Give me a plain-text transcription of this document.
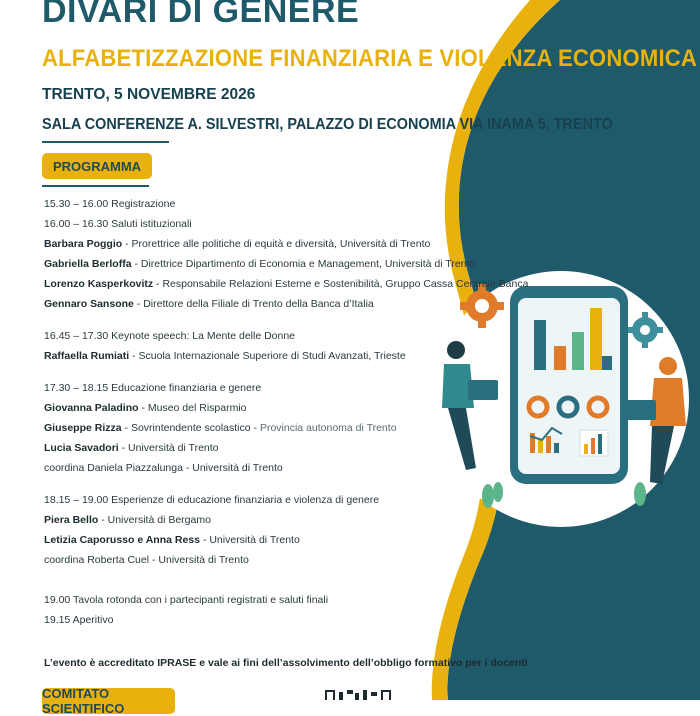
DIVARI DI GENERE
ALFABETIZZAZIONE FINANZIARIA E VIOLENZA ECONOMICA
TRENTO, 5 NOVEMBRE 2026
SALA CONFERENZE A. SILVESTRI, PALAZZO DI ECONOMIA VIA INAMA 5, TRENTO
PROGRAMMA
15.30 – 16.00 Registrazione
16.00 – 16.30 Saluti istituzionali
Barbara Poggio - Prorettrice alle politiche di equità e diversità, Università di Trento
Gabriella Berloffa - Direttrice Dipartimento di Economia e Management, Università di Trento
Lorenzo Kasperkovitz - Responsabile Relazioni Esterne e Sostenibilità, Gruppo Cassa Centrale Banca
Gennaro Sansone - Direttore della Filiale di Trento della Banca d’Italia
16.45 – 17.30 Keynote speech: La Mente delle Donne
Raffaella Rumiati - Scuola Internazionale Superiore di Studi Avanzati, Trieste
17.30 – 18.15 Educazione finanziaria e genere
Giovanna Paladino - Museo del Risparmio
Giuseppe Rizza - Sovrintendente scolastico - Provincia autonoma di Trento
Lucia Savadori - Università di Trento
coordina Daniela Piazzalunga - Università di Trento
18.15 – 19.00 Esperienze di educazione finanziaria e violenza di genere
Piera Bello - Università di Bergamo
Letizia Caporusso e Anna Ress - Università di Trento
coordina Roberta Cuel - Università di Trento
19.00 Tavola rotonda con i partecipanti registrati e saluti finali
19.15 Aperitivo
L’evento è accreditato IPRASE e vale ai fini dell’assolvimento dell’obbligo formativo per i docenti
COMITATO SCIENTIFICO
